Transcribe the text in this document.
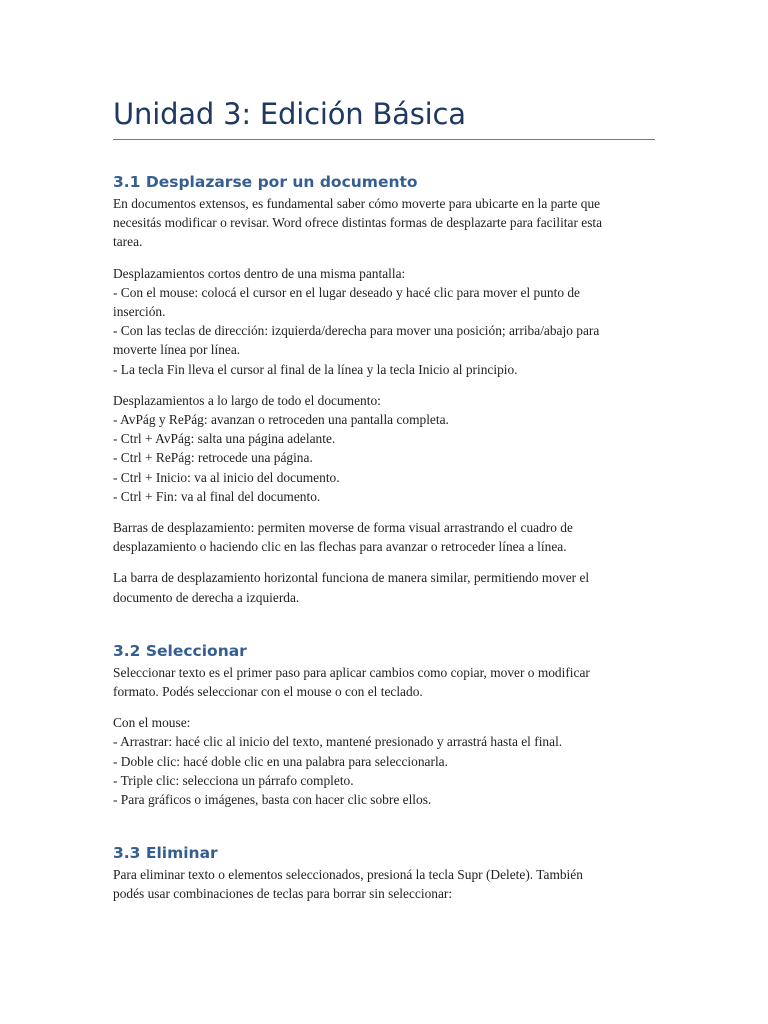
Unidad 3: Edición Básica
3.1 Desplazarse por un documento

En documentos extensos, es fundamental saber cómo moverte para ubicarte en la parte que
necesitás modificar o revisar. Word ofrece distintas formas de desplazarte para facilitar esta
tarea.

Desplazamientos cortos dentro de una misma pantalla:
- Con el mouse: colocá el cursor en el lugar deseado y hacé clic para mover el punto de
inserción.
- Con las teclas de dirección: izquierda/derecha para mover una posición; arriba/abajo para
moverte línea por línea.
- La tecla Fin lleva el cursor al final de la línea y la tecla Inicio al principio.

Desplazamientos a lo largo de todo el documento:
- AvPág y RePág: avanzan o retroceden una pantalla completa.
- Ctrl + AvPág: salta una página adelante.
- Ctrl + RePág: retrocede una página.
- Ctrl + Inicio: va al inicio del documento.
- Ctrl + Fin: va al final del documento.

Barras de desplazamiento: permiten moverse de forma visual arrastrando el cuadro de
desplazamiento o haciendo clic en las flechas para avanzar o retroceder línea a línea.

La barra de desplazamiento horizontal funciona de manera similar, permitiendo mover el
documento de derecha a izquierda.

3.2 Seleccionar

Seleccionar texto es el primer paso para aplicar cambios como copiar, mover o modificar
formato. Podés seleccionar con el mouse o con el teclado.

Con el mouse:
- Arrastrar: hacé clic al inicio del texto, mantené presionado y arrastrá hasta el final.
- Doble clic: hacé doble clic en una palabra para seleccionarla.
- Triple clic: selecciona un párrafo completo.
- Para gráficos o imágenes, basta con hacer clic sobre ellos.

3.3 Eliminar

Para eliminar texto o elementos seleccionados, presioná la tecla Supr (Delete). También
podés usar combinaciones de teclas para borrar sin seleccionar:
